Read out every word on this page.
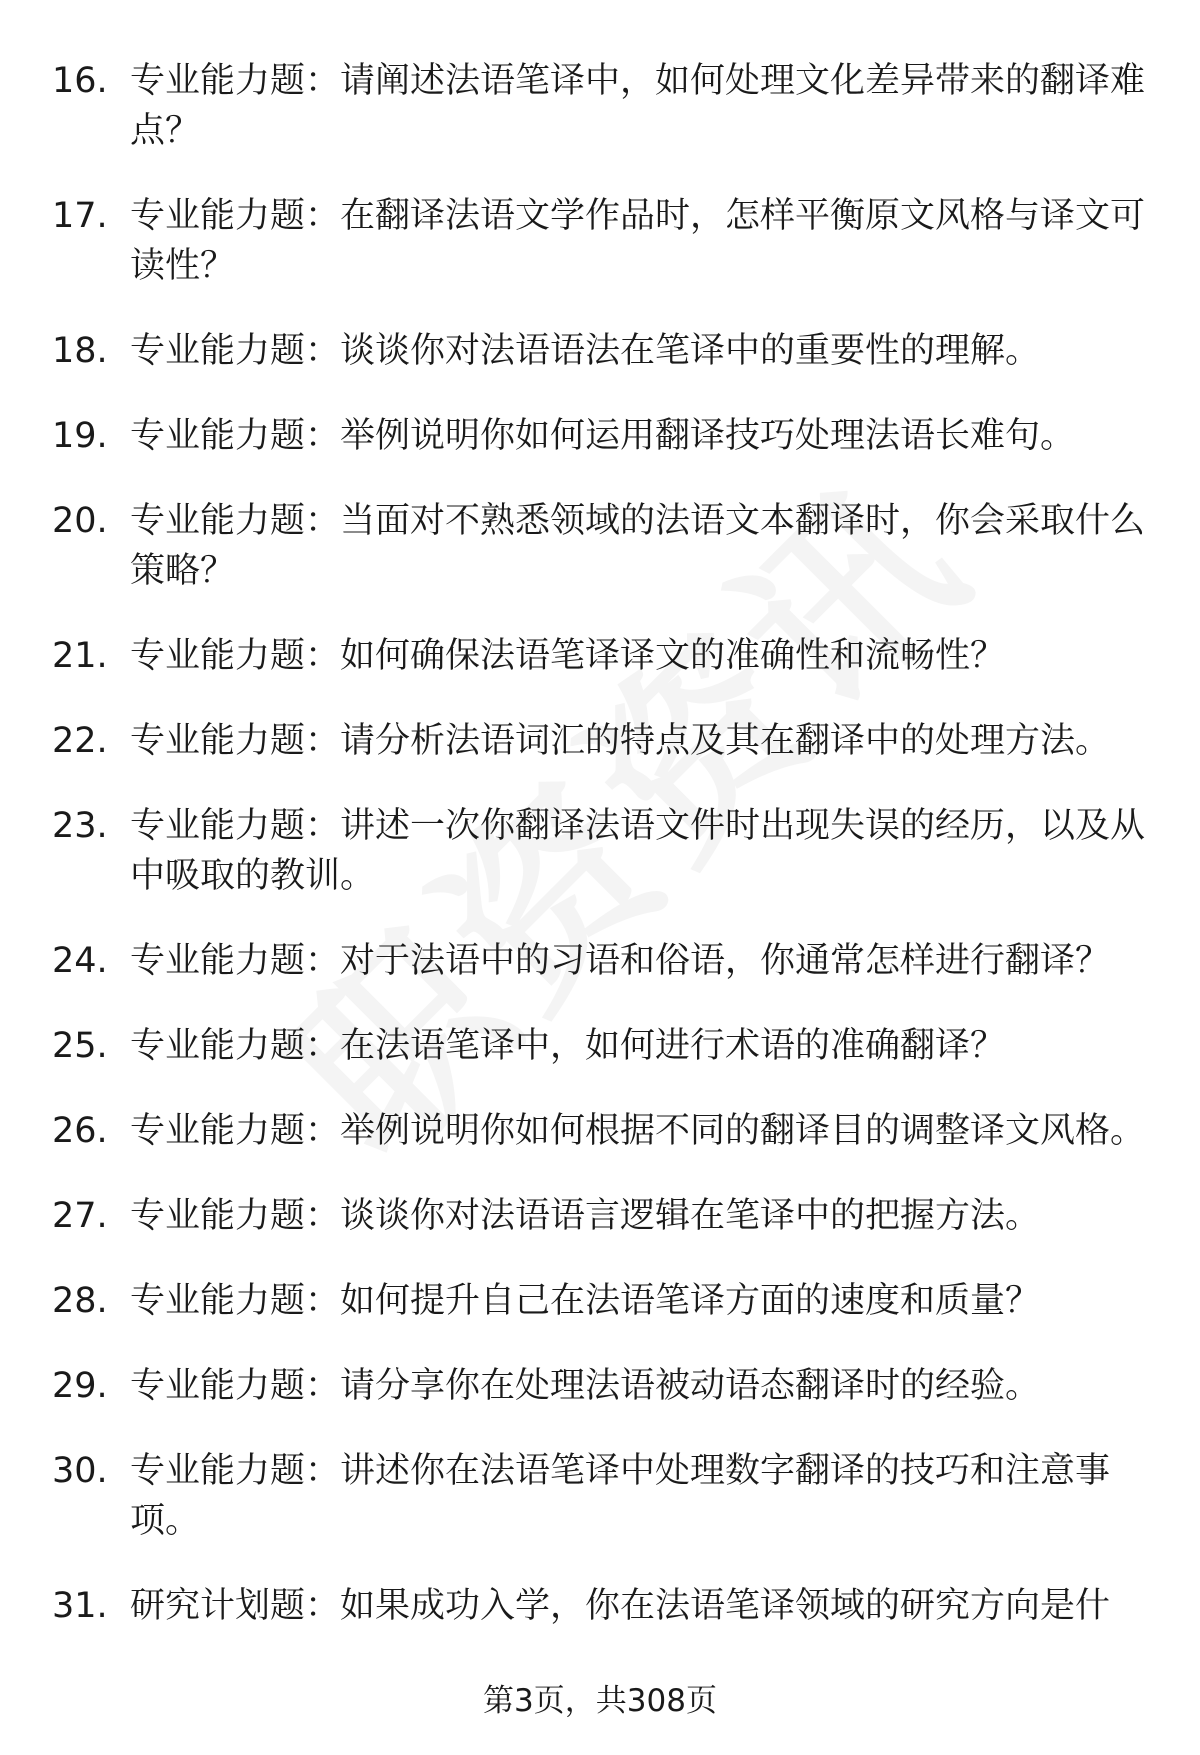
16. 专业能力题：请阐述法语笔译中，如何处理文化差异带来的翻译难点？
17. 专业能力题：在翻译法语文学作品时，怎样平衡原文风格与译文可读性？
18. 专业能力题：谈谈你对法语语法在笔译中的重要性的理解。
19. 专业能力题：举例说明你如何运用翻译技巧处理法语长难句。
20. 专业能力题：当面对不熟悉领域的法语文本翻译时，你会采取什么策略？
21. 专业能力题：如何确保法语笔译译文的准确性和流畅性？
22. 专业能力题：请分析法语词汇的特点及其在翻译中的处理方法。
23. 专业能力题：讲述一次你翻译法语文件时出现失误的经历，以及从中吸取的教训。
24. 专业能力题：对于法语中的习语和俗语，你通常怎样进行翻译？
25. 专业能力题：在法语笔译中，如何进行术语的准确翻译？
26. 专业能力题：举例说明你如何根据不同的翻译目的调整译文风格。
27. 专业能力题：谈谈你对法语语言逻辑在笔译中的把握方法。
28. 专业能力题：如何提升自己在法语笔译方面的速度和质量？
29. 专业能力题：请分享你在处理法语被动语态翻译时的经验。
30. 专业能力题：讲述你在法语笔译中处理数字翻译的技巧和注意事项。
31. 研究计划题：如果成功入学，你在法语笔译领域的研究方向是什
第3页，共308页
